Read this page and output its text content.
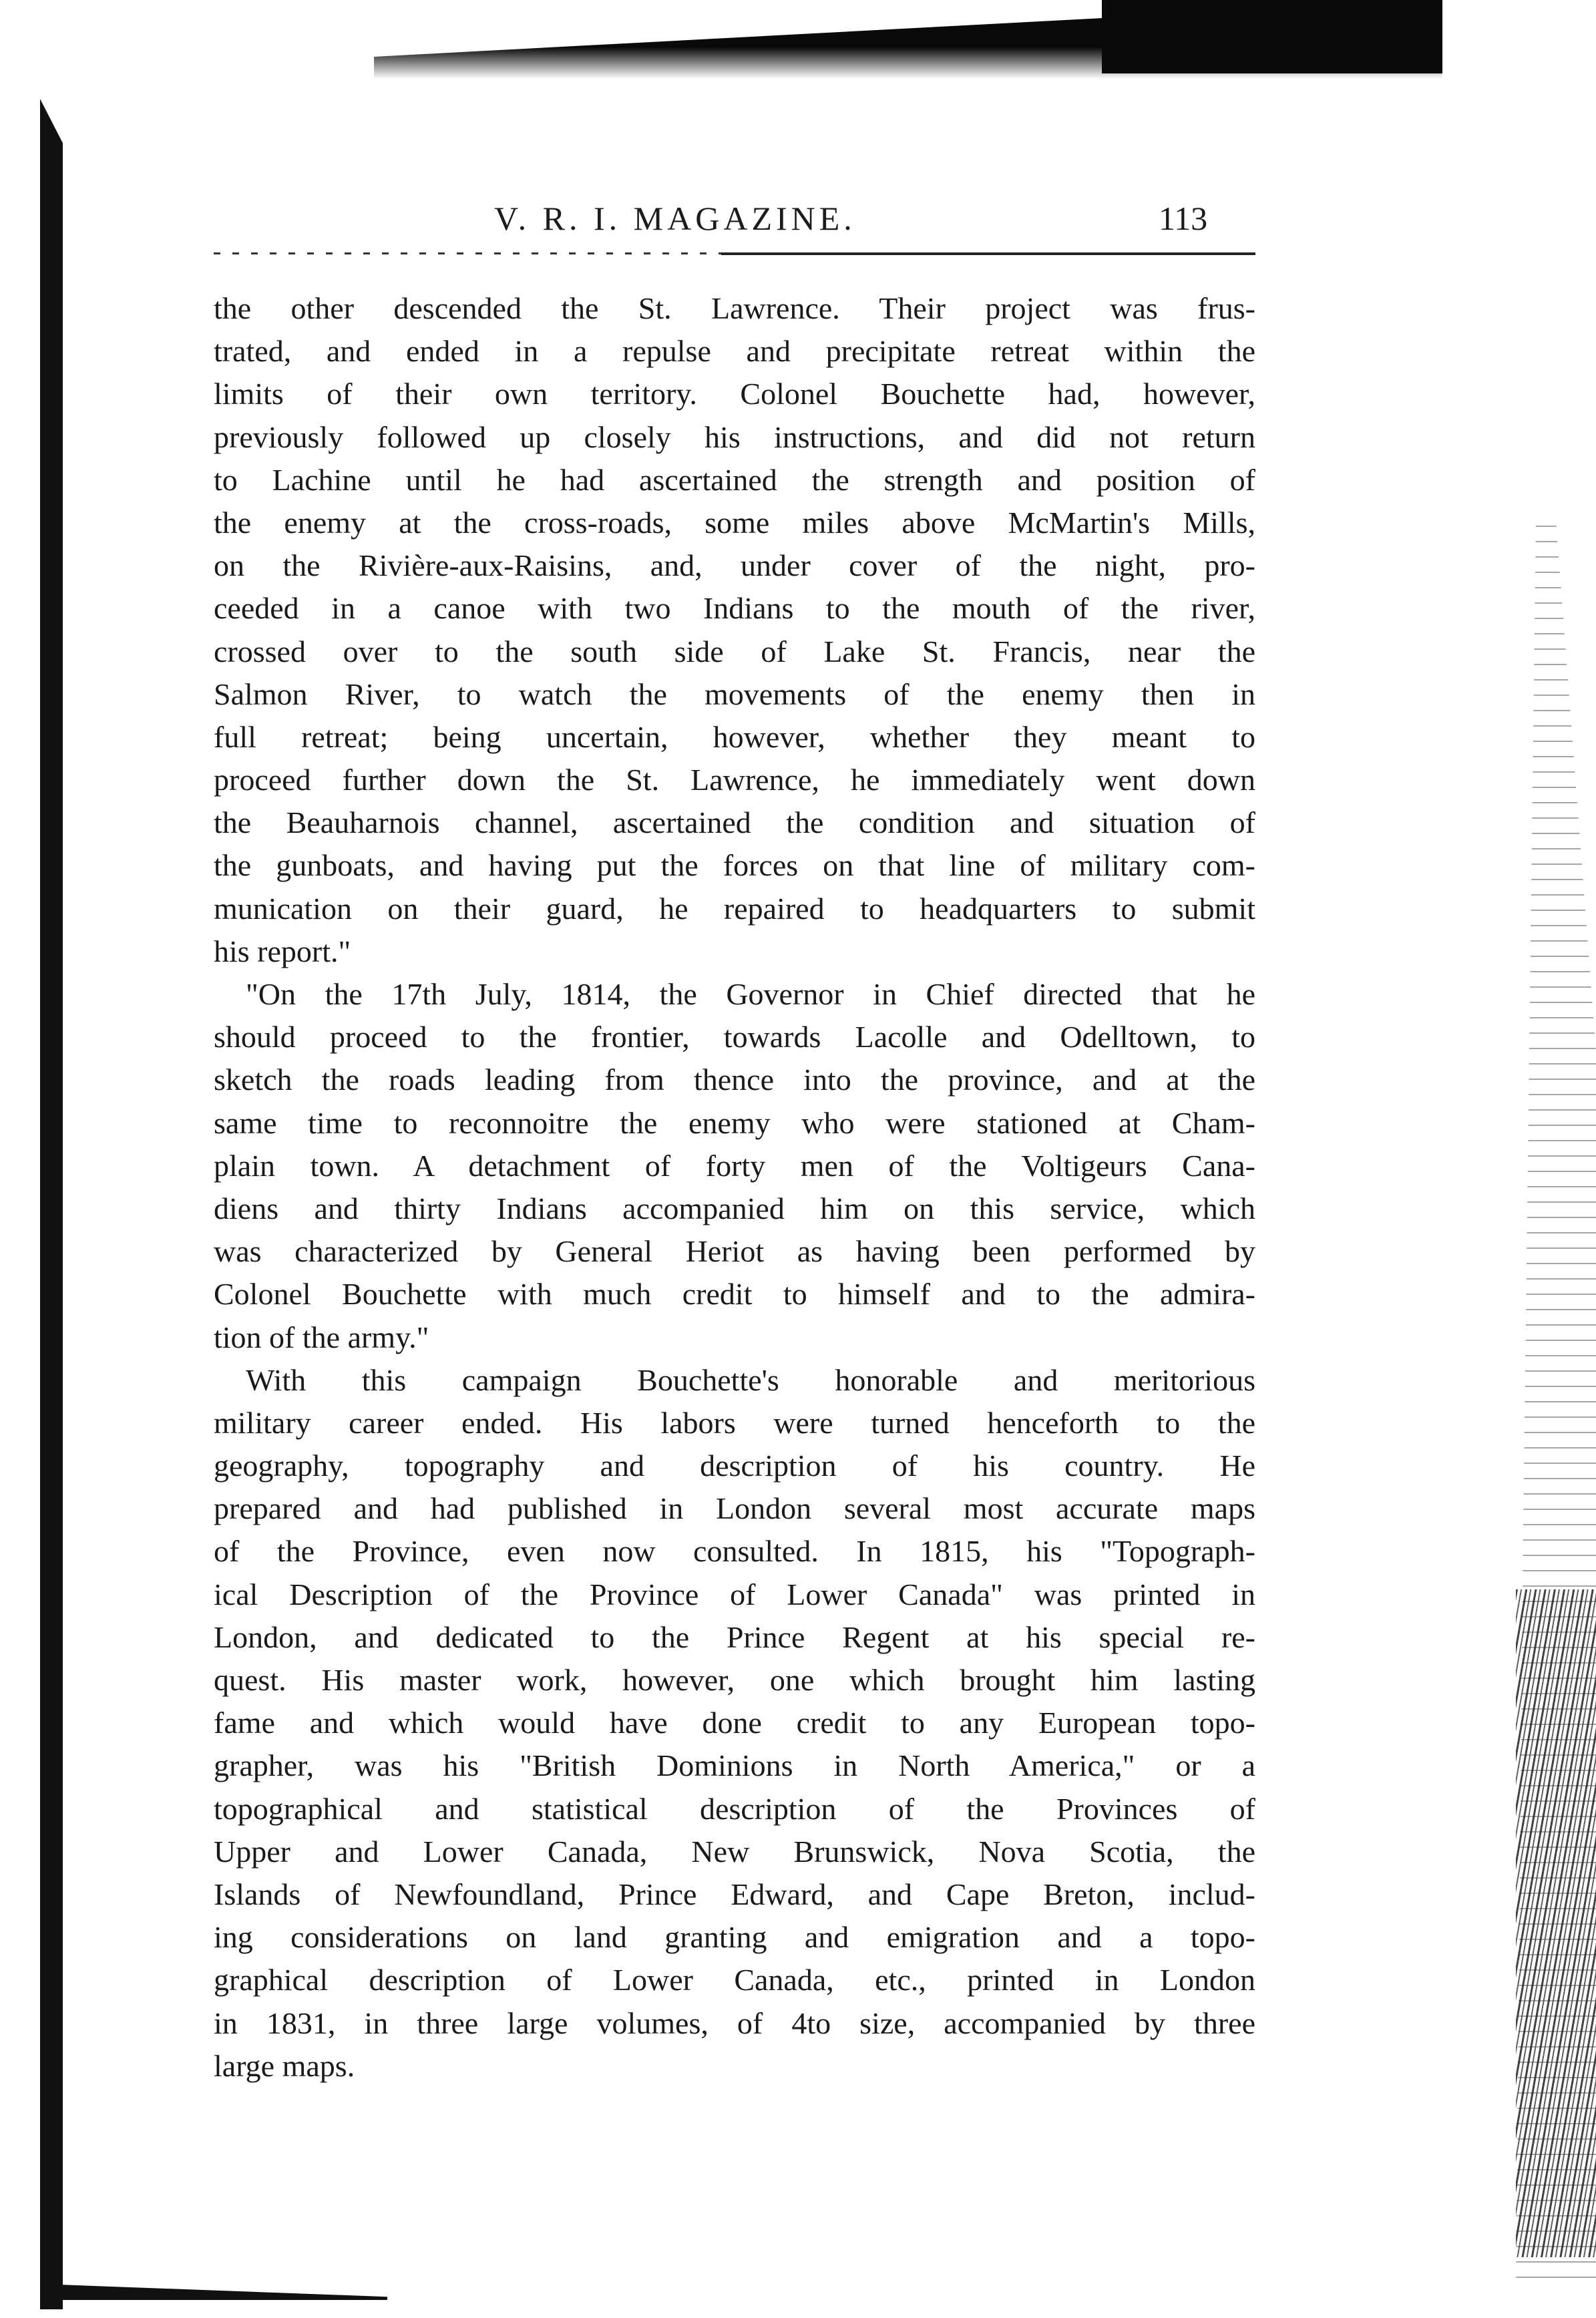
V. R. I. MAGAZINE.	113
the other descended the St. Lawrence. Their project was frus-
trated, and ended in a repulse and precipitate retreat within the
limits of their own territory. Colonel Bouchette had, however,
previously followed up closely his instructions, and did not return
to Lachine until he had ascertained the strength and position of
the enemy at the cross-roads, some miles above McMartin's Mills,
on the Rivière-aux-Raisins, and, under cover of the night, pro-
ceeded in a canoe with two Indians to the mouth of the river,
crossed over to the south side of Lake St. Francis, near the
Salmon River, to watch the movements of the enemy then in
full retreat; being uncertain, however, whether they meant to
proceed further down the St. Lawrence, he immediately went down
the Beauharnois channel, ascertained the condition and situation of
the gunboats, and having put the forces on that line of military com-
munication on their guard, he repaired to headquarters to submit
his report."
"On the 17th July, 1814, the Governor in Chief directed that he
should proceed to the frontier, towards Lacolle and Odelltown, to
sketch the roads leading from thence into the province, and at the
same time to reconnoitre the enemy who were stationed at Cham-
plain town. A detachment of forty men of the Voltigeurs Cana-
diens and thirty Indians accompanied him on this service, which
was characterized by General Heriot as having been performed by
Colonel Bouchette with much credit to himself and to the admira-
tion of the army."
With this campaign Bouchette's honorable and meritorious
military career ended. His labors were turned henceforth to the
geography, topography and description of his country. He
prepared and had published in London several most accurate maps
of the Province, even now consulted. In 1815, his "Topograph-
ical Description of the Province of Lower Canada" was printed in
London, and dedicated to the Prince Regent at his special re-
quest. His master work, however, one which brought him lasting
fame and which would have done credit to any European topo-
grapher, was his "British Dominions in North America," or a
topographical and statistical description of the Provinces of
Upper and Lower Canada, New Brunswick, Nova Scotia, the
Islands of Newfoundland, Prince Edward, and Cape Breton, includ-
ing considerations on land granting and emigration and a topo-
graphical description of Lower Canada, etc., printed in London
in 1831, in three large volumes, of 4to size, accompanied by three
large maps.
